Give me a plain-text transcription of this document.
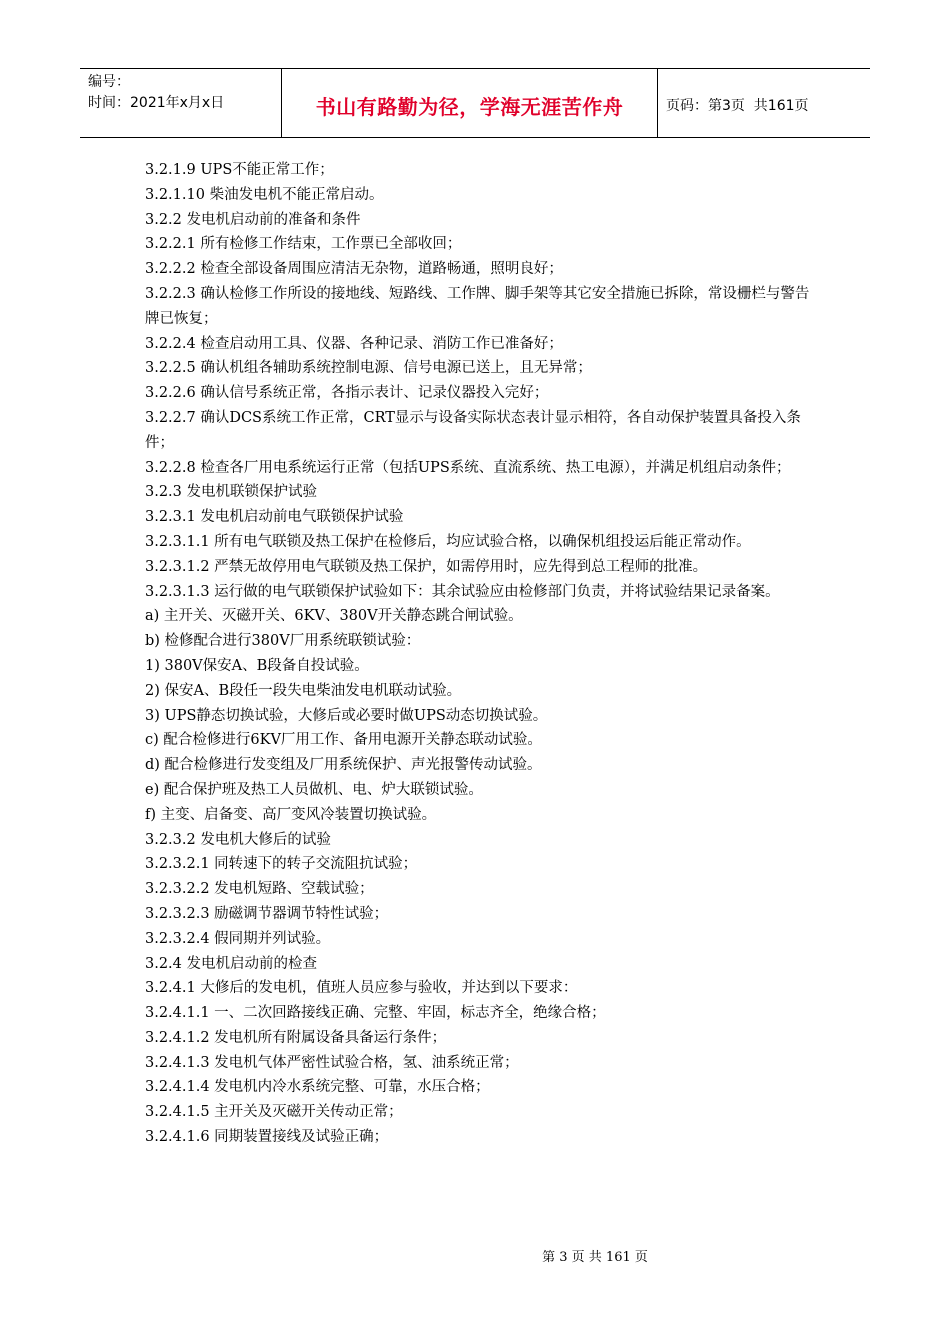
编号：
时间：2021年x月x日	书山有路勤为径，学海无涯苦作舟	页码：第3页  共161页
3.2.1.9 UPS不能正常工作；
3.2.1.10 柴油发电机不能正常启动。
3.2.2 发电机启动前的准备和条件
3.2.2.1 所有检修工作结束，工作票已全部收回；
3.2.2.2 检查全部设备周围应清洁无杂物，道路畅通，照明良好；
3.2.2.3 确认检修工作所设的接地线、短路线、工作牌、脚手架等其它安全措施已拆除，常设栅栏与警告牌已恢复；
3.2.2.4 检查启动用工具、仪器、各种记录、消防工作已准备好；
3.2.2.5 确认机组各辅助系统控制电源、信号电源已送上，且无异常；
3.2.2.6 确认信号系统正常，各指示表计、记录仪器投入完好；
3.2.2.7 确认DCS系统工作正常，CRT显示与设备实际状态表计显示相符，各自动保护装置具备投入条件；
3.2.2.8 检查各厂用电系统运行正常（包括UPS系统、直流系统、热工电源），并满足机组启动条件；
3.2.3 发电机联锁保护试验
3.2.3.1 发电机启动前电气联锁保护试验
3.2.3.1.1 所有电气联锁及热工保护在检修后，均应试验合格，以确保机组投运后能正常动作。
3.2.3.1.2 严禁无故停用电气联锁及热工保护，如需停用时，应先得到总工程师的批准。
3.2.3.1.3 运行做的电气联锁保护试验如下：其余试验应由检修部门负责，并将试验结果记录备案。
a) 主开关、灭磁开关、6KV、380V开关静态跳合闸试验。
b) 检修配合进行380V厂用系统联锁试验：
1) 380V保安A、B段备自投试验。
2) 保安A、B段任一段失电柴油发电机联动试验。
3) UPS静态切换试验，大修后或必要时做UPS动态切换试验。
c) 配合检修进行6KV厂用工作、备用电源开关静态联动试验。
d) 配合检修进行发变组及厂用系统保护、声光报警传动试验。
e) 配合保护班及热工人员做机、电、炉大联锁试验。
f) 主变、启备变、高厂变风冷装置切换试验。
3.2.3.2 发电机大修后的试验
3.2.3.2.1 同转速下的转子交流阻抗试验；
3.2.3.2.2 发电机短路、空载试验；
3.2.3.2.3 励磁调节器调节特性试验；
3.2.3.2.4 假同期并列试验。
3.2.4 发电机启动前的检查
3.2.4.1 大修后的发电机，值班人员应参与验收，并达到以下要求：
3.2.4.1.1 一、二次回路接线正确、完整、牢固，标志齐全，绝缘合格；
3.2.4.1.2 发电机所有附属设备具备运行条件；
3.2.4.1.3 发电机气体严密性试验合格，氢、油系统正常；
3.2.4.1.4 发电机内冷水系统完整、可靠，水压合格；
3.2.4.1.5 主开关及灭磁开关传动正常；
3.2.4.1.6 同期装置接线及试验正确；
第 3 页 共 161 页
